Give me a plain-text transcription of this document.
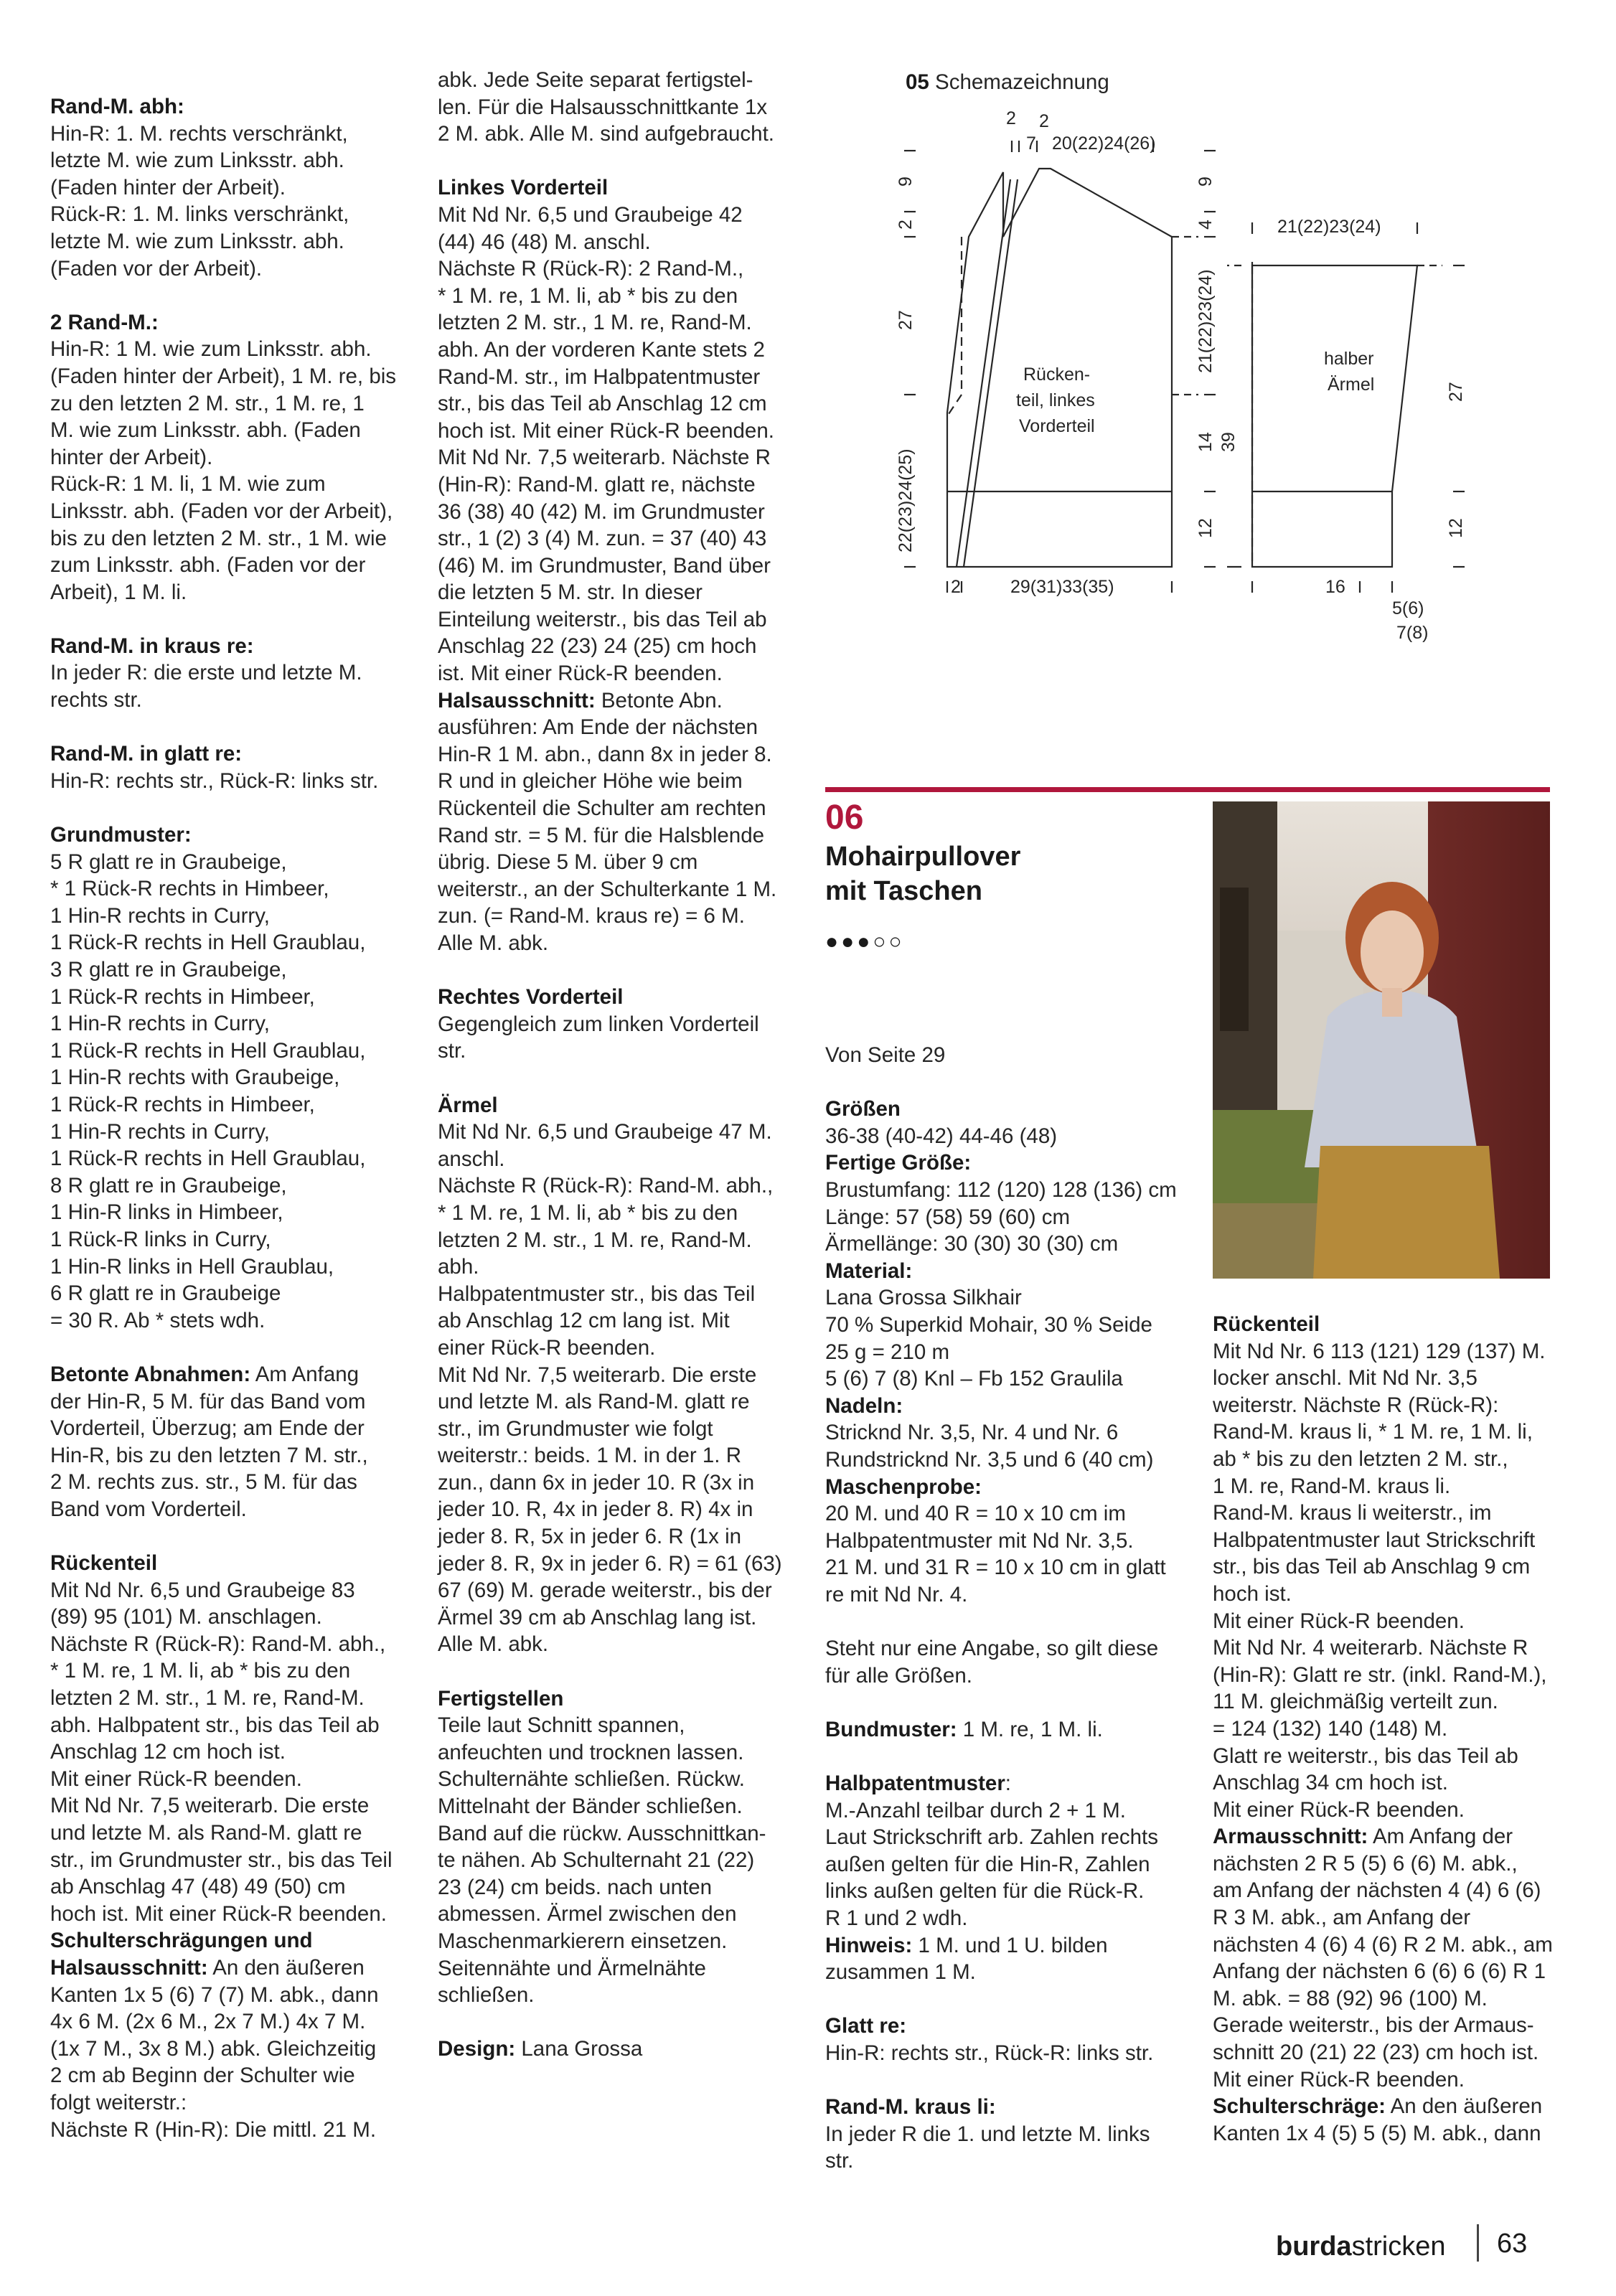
Rand-M. abh:
Hin-R: 1. M. rechts verschränkt,
letzte M. wie zum Linksstr. abh.
(Faden hinter der Arbeit).
Rück-R: 1. M. links verschränkt,
letzte M. wie zum Linksstr. abh.
(Faden vor der Arbeit).
2 Rand-M.:
Hin-R: 1 M. wie zum Linksstr. abh.
(Faden hinter der Arbeit), 1 M. re, bis
zu den letzten 2 M. str., 1 M. re, 1
M. wie zum Linksstr. abh. (Faden
hinter der Arbeit).
Rück-R: 1 M. li, 1 M. wie zum
Linksstr. abh. (Faden vor der Arbeit),
bis zu den letzten 2 M. str., 1 M. wie
zum Linksstr. abh. (Faden vor der
Arbeit), 1 M. li.
Rand-M. in kraus re:
In jeder R: die erste und letzte M.
rechts str.
Rand-M. in glatt re:
Hin-R: rechts str., Rück-R: links str.
Grundmuster:
5 R glatt re in Graubeige,
* 1 Rück-R rechts in Himbeer,
1 Hin-R rechts in Curry,
1 Rück-R rechts in Hell Graublau,
3 R glatt re in Graubeige,
1 Rück-R rechts in Himbeer,
1 Hin-R rechts in Curry,
1 Rück-R rechts in Hell Graublau,
1 Hin-R rechts with Graubeige,
1 Rück-R rechts in Himbeer,
1 Hin-R rechts in Curry,
1 Rück-R rechts in Hell Graublau,
8 R glatt re in Graubeige,
1 Hin-R links in Himbeer,
1 Rück-R links in Curry,
1 Hin-R links in Hell Graublau,
6 R glatt re in Graubeige
= 30 R. Ab * stets wdh.
Betonte Abnahmen: Am Anfang
der Hin-R, 5 M. für das Band vom
Vorderteil, Überzug; am Ende der
Hin-R, bis zu den letzten 7 M. str.,
2 M. rechts zus. str., 5 M. für das
Band vom Vorderteil.
Rückenteil
Mit Nd Nr. 6,5 und Graubeige 83
(89) 95 (101) M. anschlagen.
Nächste R (Rück-R): Rand-M. abh.,
* 1 M. re, 1 M. li, ab * bis zu den
letzten 2 M. str., 1 M. re, Rand-M.
abh. Halbpatent str., bis das Teil ab
Anschlag 12 cm hoch ist.
Mit einer Rück-R beenden.
Mit Nd Nr. 7,5 weiterarb. Die erste
und letzte M. als Rand-M. glatt re
str., im Grundmuster str., bis das Teil
ab Anschlag 47 (48) 49 (50) cm
hoch ist. Mit einer Rück-R beenden.
Schulterschrägungen und
Halsausschnitt: An den äußeren
Kanten 1x 5 (6) 7 (7) M. abk., dann
4x 6 M. (2x 6 M., 2x 7 M.) 4x 7 M.
(1x 7 M., 3x 8 M.) abk. Gleichzeitig
2 cm ab Beginn der Schulter wie
folgt weiterstr.:
Nächste R (Hin-R): Die mittl. 21 M.
abk. Jede Seite separat fertigstel-
len. Für die Halsausschnittkante 1x
2 M. abk. Alle M. sind aufgebraucht.
Linkes Vorderteil
Mit Nd Nr. 6,5 und Graubeige 42
(44) 46 (48) M. anschl.
Nächste R (Rück-R): 2 Rand-M.,
* 1 M. re, 1 M. li, ab * bis zu den
letzten 2 M. str., 1 M. re, Rand-M.
abh. An der vorderen Kante stets 2
Rand-M. str., im Halbpatentmuster
str., bis das Teil ab Anschlag 12 cm
hoch ist. Mit einer Rück-R beenden.
Mit Nd Nr. 7,5 weiterarb. Nächste R
(Hin-R): Rand-M. glatt re, nächste
36 (38) 40 (42) M. im Grundmuster
str., 1 (2) 3 (4) M. zun. = 37 (40) 43
(46) M. im Grundmuster, Band über
die letzten 5 M. str. In dieser
Einteilung weiterstr., bis das Teil ab
Anschlag 22 (23) 24 (25) cm hoch
ist. Mit einer Rück-R beenden.
Halsausschnitt: Betonte Abn.
ausführen: Am Ende der nächsten
Hin-R 1 M. abn., dann 8x in jeder 8.
R und in gleicher Höhe wie beim
Rückenteil die Schulter am rechten
Rand str. = 5 M. für die Halsblende
übrig. Diese 5 M. über 9 cm
weiterstr., an der Schulterkante 1 M.
zun. (= Rand-M. kraus re) = 6 M.
Alle M. abk.
Rechtes Vorderteil
Gegengleich zum linken Vorderteil
str.
Ärmel
Mit Nd Nr. 6,5 und Graubeige 47 M.
anschl.
Nächste R (Rück-R): Rand-M. abh.,
* 1 M. re, 1 M. li, ab * bis zu den
letzten 2 M. str., 1 M. re, Rand-M.
abh.
Halbpatentmuster str., bis das Teil
ab Anschlag 12 cm lang ist. Mit
einer Rück-R beenden.
Mit Nd Nr. 7,5 weiterarb. Die erste
und letzte M. als Rand-M. glatt re
str., im Grundmuster wie folgt
weiterstr.: beids. 1 M. in der 1. R
zun., dann 6x in jeder 10. R (3x in
jeder 10. R, 4x in jeder 8. R) 4x in
jeder 8. R, 5x in jeder 6. R (1x in
jeder 8. R, 9x in jeder 6. R) = 61 (63)
67 (69) M. gerade weiterstr., bis der
Ärmel 39 cm ab Anschlag lang ist.
Alle M. abk.
Fertigstellen
Teile laut Schnitt spannen,
anfeuchten und trocknen lassen.
Schulternähte schließen. Rückw.
Mittelnaht der Bänder schließen.
Band auf die rückw. Ausschnittkan-
te nähen. Ab Schulternaht 21 (22)
23 (24) cm beids. nach unten
abmessen. Ärmel zwischen den
Maschenmarkierern einsetzen.
Seitennähte und Ärmelnähte
schließen.
Design: Lana Grossa
05 Schemazeichnung
2 2
7 20(22)24(26)
9
2
27
22(23)24(25)
9
4
21(22)23(24)
14
12
2	29(31)33(35)
Rücken-
teil, linkes
Vorderteil
21(22)23(24)
39
27
12
16
5(6)
7(8)
halber
Ärmel
06
Mohairpullover
mit Taschen
●●●○○
Von Seite 29
Größen
36-38 (40-42) 44-46 (48)
Fertige Größe:
Brustumfang: 112 (120) 128 (136) cm
Länge: 57 (58) 59 (60) cm
Ärmellänge: 30 (30) 30 (30) cm
Material:
Lana Grossa Silkhair
70 % Superkid Mohair, 30 % Seide
25 g = 210 m
5 (6) 7 (8) Knl – Fb 152 Graulila
Nadeln:
Stricknd Nr. 3,5, Nr. 4 und Nr. 6
Rundstricknd Nr. 3,5 und 6 (40 cm)
Maschenprobe:
20 M. und 40 R = 10 x 10 cm im
Halbpatentmuster mit Nd Nr. 3,5.
21 M. und 31 R = 10 x 10 cm in glatt
re mit Nd Nr. 4.
Steht nur eine Angabe, so gilt diese
für alle Größen.
Bundmuster: 1 M. re, 1 M. li.
Halbpatentmuster:
M.-Anzahl teilbar durch 2 + 1 M.
Laut Strickschrift arb. Zahlen rechts
außen gelten für die Hin-R, Zahlen
links außen gelten für die Rück-R.
R 1 und 2 wdh.
Hinweis: 1 M. und 1 U. bilden
zusammen 1 M.
Glatt re:
Hin-R: rechts str., Rück-R: links str.
Rand-M. kraus li:
In jeder R die 1. und letzte M. links
str.
Rückenteil
Mit Nd Nr. 6 113 (121) 129 (137) M.
locker anschl. Mit Nd Nr. 3,5
weiterstr. Nächste R (Rück-R):
Rand-M. kraus li, * 1 M. re, 1 M. li,
ab * bis zu den letzten 2 M. str.,
1 M. re, Rand-M. kraus li.
Rand-M. kraus li weiterstr., im
Halbpatentmuster laut Strickschrift
str., bis das Teil ab Anschlag 9 cm
hoch ist.
Mit einer Rück-R beenden.
Mit Nd Nr. 4 weiterarb. Nächste R
(Hin-R): Glatt re str. (inkl. Rand-M.),
11 M. gleichmäßig verteilt zun.
= 124 (132) 140 (148) M.
Glatt re weiterstr., bis das Teil ab
Anschlag 34 cm hoch ist.
Mit einer Rück-R beenden.
Armausschnitt: Am Anfang der
nächsten 2 R 5 (5) 6 (6) M. abk.,
am Anfang der nächsten 4 (4) 6 (6)
R 3 M. abk., am Anfang der
nächsten 4 (6) 4 (6) R 2 M. abk., am
Anfang der nächsten 6 (6) 6 (6) R 1
M. abk. = 88 (92) 96 (100) M.
Gerade weiterstr., bis der Armaus-
schnitt 20 (21) 22 (23) cm hoch ist.
Mit einer Rück-R beenden.
Schulterschräge: An den äußeren
Kanten 1x 4 (5) 5 (5) M. abk., dann
burdastricken 63
